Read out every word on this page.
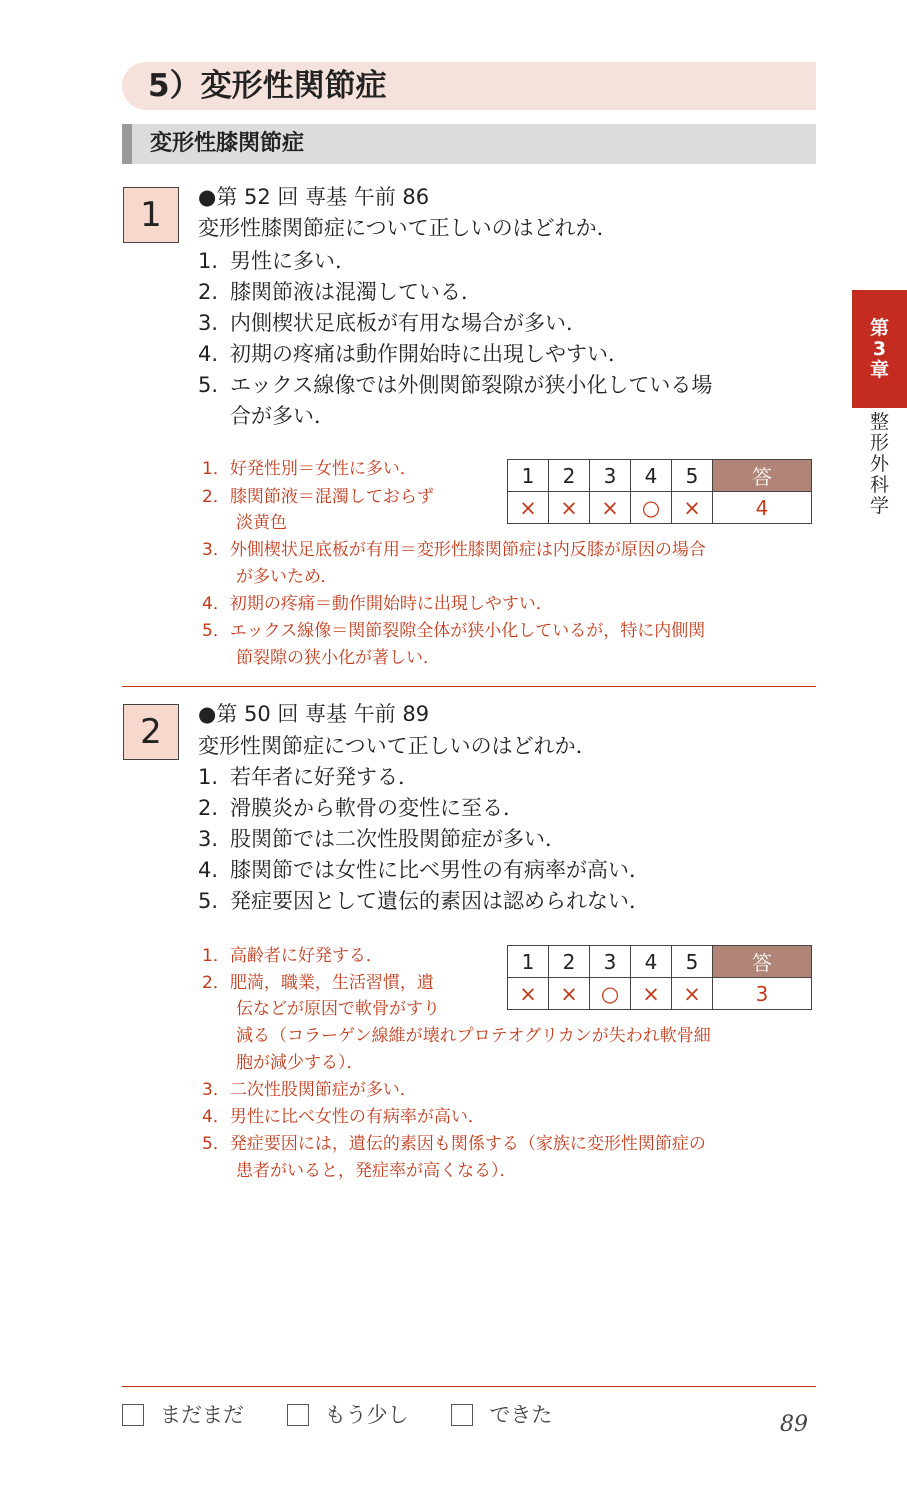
5）変形性関節症
変形性膝関節症
第
3
章
整
形
外
科
学
1	●第 52 回 専基 午前 86
変形性膝関節症について正しいのはどれか．
1. 男性に多い．
2. 膝関節液は混濁している．
3. 内側楔状足底板が有用な場合が多い．
4. 初期の疼痛は動作開始時に出現しやすい．
5. エックス線像では外側関節裂隙が狭小化している場
合が多い．
1	2	3	4	5	答
×	×	×	○	×	4
1．好発性別＝女性に多い．
2．膝関節液＝混濁しておらず
　　淡黄色
3．外側楔状足底板が有用＝変形性膝関節症は内反膝が原因の場合
　　が多いため．
4．初期の疼痛＝動作開始時に出現しやすい．
5．エックス線像＝関節裂隙全体が狭小化しているが，特に内側関
　　節裂隙の狭小化が著しい．
2	●第 50 回 専基 午前 89
変形性関節症について正しいのはどれか．
1. 若年者に好発する．
2. 滑膜炎から軟骨の変性に至る．
3. 股関節では二次性股関節症が多い．
4. 膝関節では女性に比べ男性の有病率が高い．
5. 発症要因として遺伝的素因は認められない．
1	2	3	4	5	答
×	×	○	×	×	3
1．高齢者に好発する．
2．肥満，職業，生活習慣，遺
　　伝などが原因で軟骨がすり
　　減る（コラーゲン線維が壊れプロテオグリカンが失われ軟骨細
　　胞が減少する）．
3．二次性股関節症が多い．
4．男性に比べ女性の有病率が高い．
5．発症要因には，遺伝的素因も関係する（家族に変形性関節症の
　　患者がいると，発症率が高くなる）．
まだまだ
	もう少し
	できた	89
